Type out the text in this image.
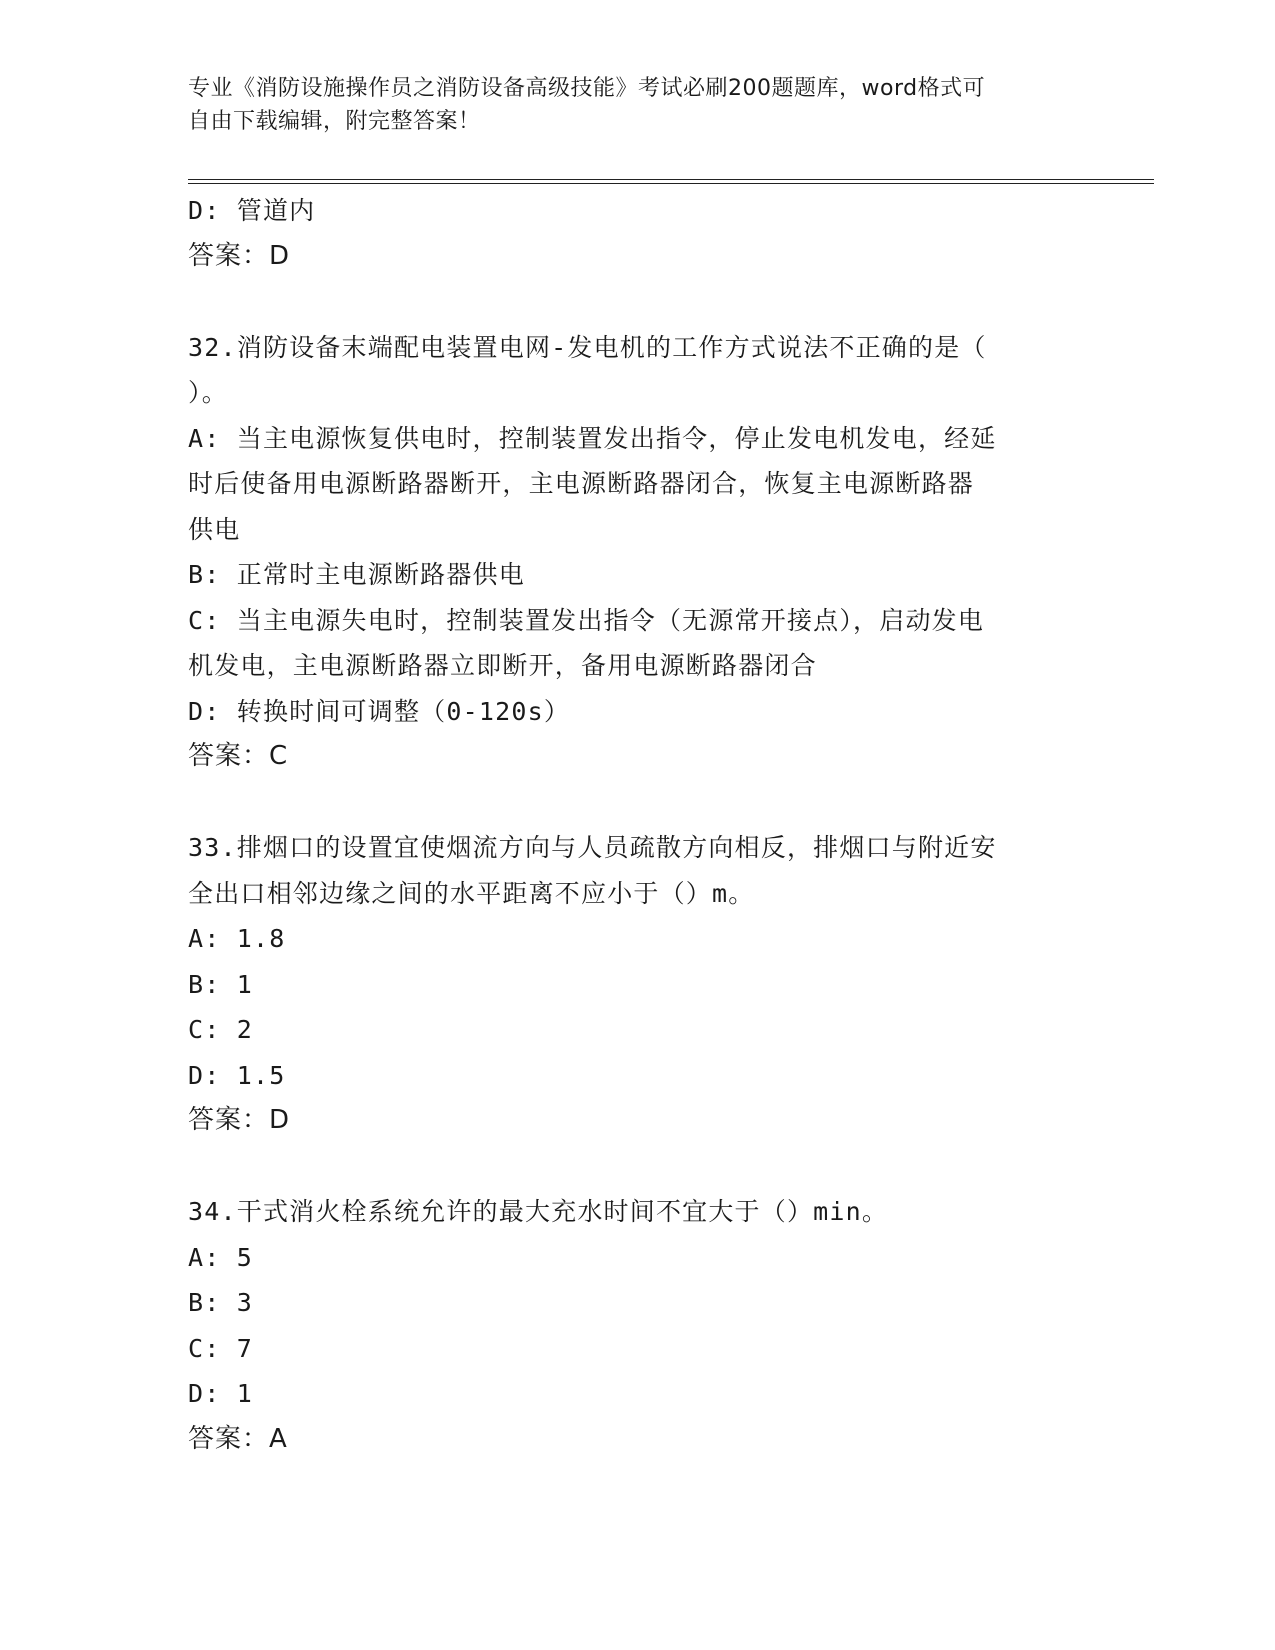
专业《消防设施操作员之消防设备高级技能》考试必刷200题题库，word格式可
自由下载编辑，附完整答案！
D: 管道内
答案：D
32.消防设备末端配电装置电网-发电机的工作方式说法不正确的是（
）。
A: 当主电源恢复供电时，控制装置发出指令，停止发电机发电，经延
时后使备用电源断路器断开，主电源断路器闭合，恢复主电源断路器
供电
B: 正常时主电源断路器供电
C: 当主电源失电时，控制装置发出指令（无源常开接点），启动发电
机发电，主电源断路器立即断开，备用电源断路器闭合
D: 转换时间可调整（0-120s）
答案：C
33.排烟口的设置宜使烟流方向与人员疏散方向相反，排烟口与附近安
全出口相邻边缘之间的水平距离不应小于（）m。
A: 1.8
B: 1
C: 2
D: 1.5
答案：D
34.干式消火栓系统允许的最大充水时间不宜大于（）min。
A: 5
B: 3
C: 7
D: 1
答案：A
